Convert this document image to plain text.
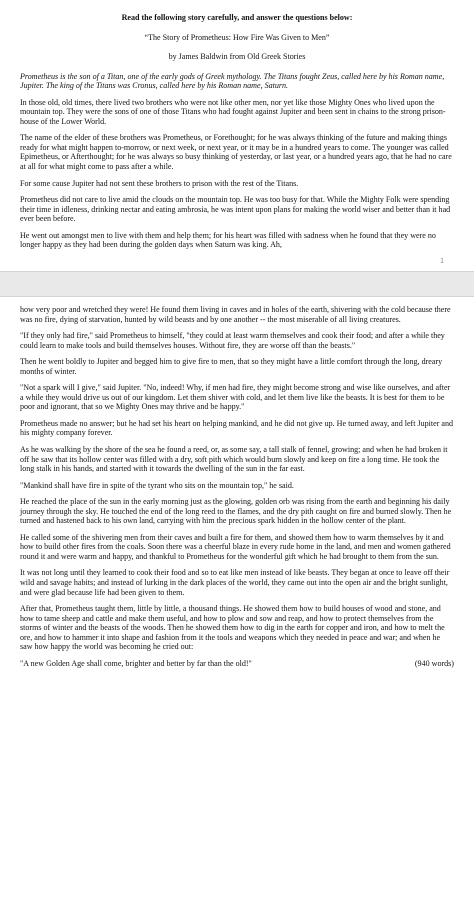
Read the following story carefully, and answer the questions below:

“The Story of Prometheus: How Fire Was Given to Men”

by James Baldwin from Old Greek Stories

Prometheus is the son of a Titan, one of the early gods of Greek mythology. The Titans fought Zeus, called here by his Roman name, Jupiter. The king of the Titans was Cronus, called here by his Roman name, Saturn.

In those old, old times, there lived two brothers who were not like other men, nor yet like those Mighty Ones who lived upon the mountain top. They were the sons of one of those Titans who had fought against Jupiter and been sent in chains to the strong prison-house of the Lower World.

The name of the elder of these brothers was Prometheus, or Forethought; for he was always thinking of the future and making things ready for what might happen to-morrow, or next week, or next year, or it may be in a hundred years to come. The younger was called Epimetheus, or Afterthought; for he was always so busy thinking of yesterday, or last year, or a hundred years ago, that he had no care at all for what might come to pass after a while.

For some cause Jupiter had not sent these brothers to prison with the rest of the Titans.

Prometheus did not care to live amid the clouds on the mountain top. He was too busy for that. While the Mighty Folk were spending their time in idleness, drinking nectar and eating ambrosia, he was intent upon plans for making the world wiser and better than it had ever been before.

He went out amongst men to live with them and help them; for his heart was filled with sadness when he found that they were no longer happy as they had been during the golden days when Saturn was king. Ah,

1

how very poor and wretched they were! He found them living in caves and in holes of the earth, shivering with the cold because there was no fire, dying of starvation, hunted by wild beasts and by one another -- the most miserable of all living creatures.

"If they only had fire," said Prometheus to himself, "they could at least warm themselves and cook their food; and after a while they could learn to make tools and build themselves houses. Without fire, they are worse off than the beasts."

Then he went boldly to Jupiter and begged him to give fire to men, that so they might have a little comfort through the long, dreary months of winter.

"Not a spark will I give," said Jupiter. "No, indeed! Why, if men had fire, they might become strong and wise like ourselves, and after a while they would drive us out of our kingdom. Let them shiver with cold, and let them live like the beasts. It is best for them to be poor and ignorant, that so we Mighty Ones may thrive and be happy."

Prometheus made no answer; but he had set his heart on helping mankind, and he did not give up. He turned away, and left Jupiter and his mighty company forever.

As he was walking by the shore of the sea he found a reed, or, as some say, a tall stalk of fennel, growing; and when he had broken it off he saw that its hollow center was filled with a dry, soft pith which would burn slowly and keep on fire a long time. He took the long stalk in his hands, and started with it towards the dwelling of the sun in the far east.

"Mankind shall have fire in spite of the tyrant who sits on the mountain top," he said.

He reached the place of the sun in the early morning just as the glowing, golden orb was rising from the earth and beginning his daily journey through the sky. He touched the end of the long reed to the flames, and the dry pith caught on fire and burned slowly. Then he turned and hastened back to his own land, carrying with him the precious spark hidden in the hollow center of the plant.

He called some of the shivering men from their caves and built a fire for them, and showed them how to warm themselves by it and how to build other fires from the coals. Soon there was a cheerful blaze in every rude home in the land, and men and women gathered round it and were warm and happy, and thankful to Prometheus for the wonderful gift which he had brought to them from the sun.

It was not long until they learned to cook their food and so to eat like men instead of like beasts. They began at once to leave off their wild and savage habits; and instead of lurking in the dark places of the world, they came out into the open air and the bright sunlight, and were glad because life had been given to them.

After that, Prometheus taught them, little by little, a thousand things. He showed them how to build houses of wood and stone, and how to tame sheep and cattle and make them useful, and how to plow and sow and reap, and how to protect themselves from the storms of winter and the beasts of the woods. Then he showed them how to dig in the earth for copper and iron, and how to melt the ore, and how to hammer it into shape and fashion from it the tools and weapons which they needed in peace and war; and when he saw how happy the world was becoming he cried out:

"A new Golden Age shall come, brighter and better by far than the old!"	(940 words)
